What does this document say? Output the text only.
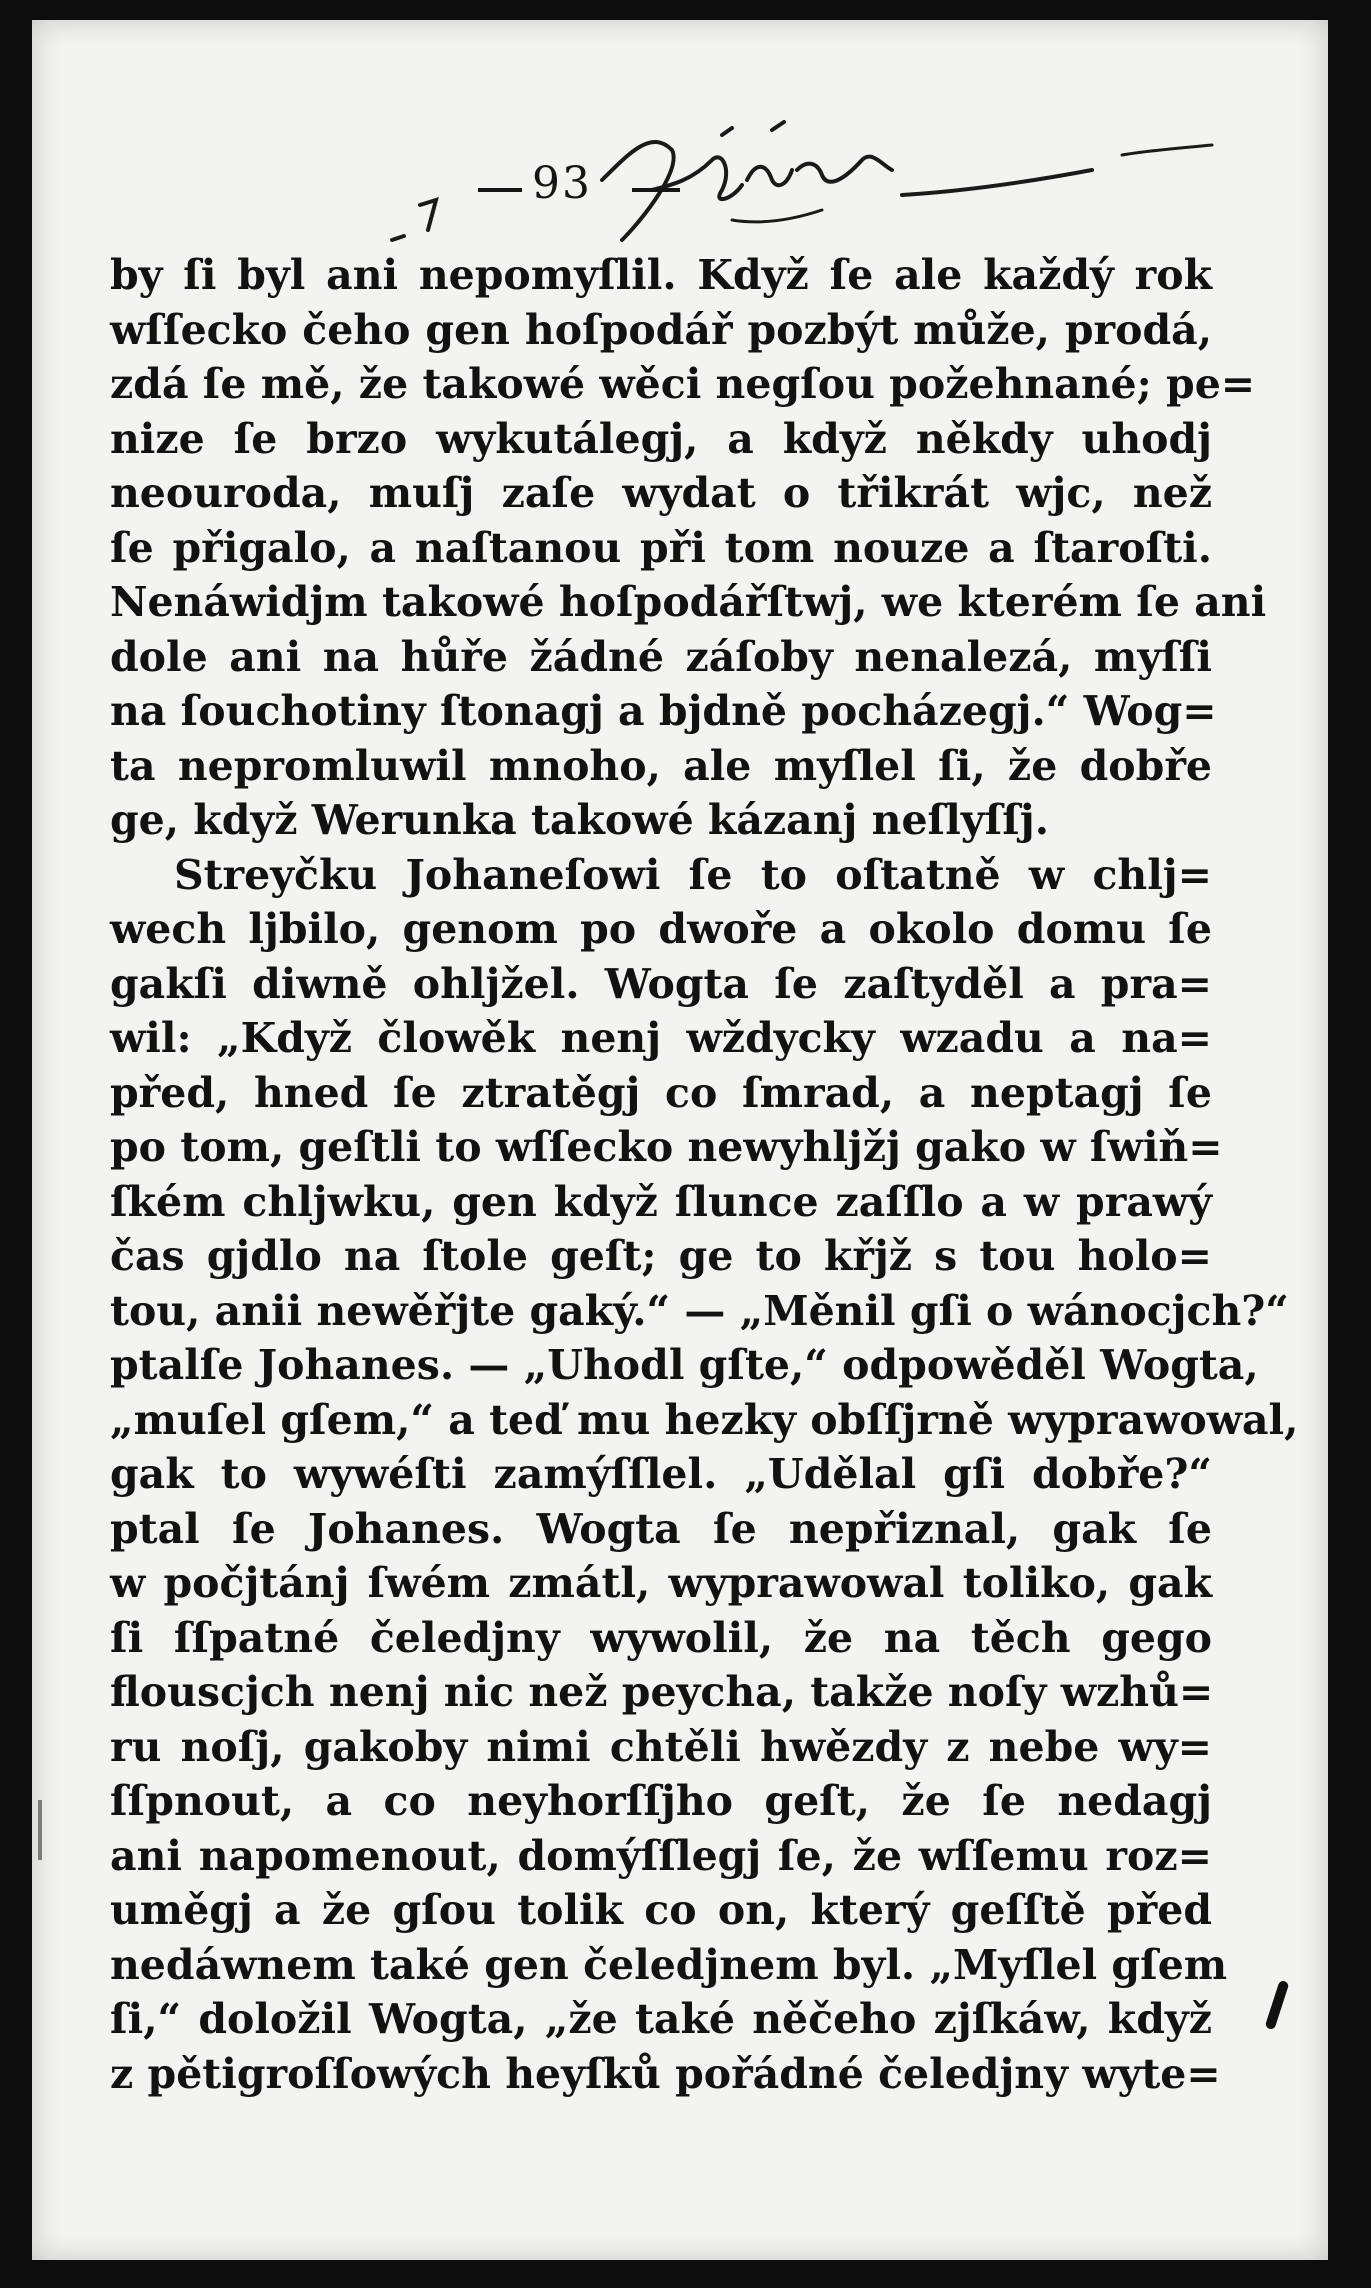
93
by ſi byl ani nepomyſlil. Když ſe ale každý rok
wſſecko čeho gen hoſpodář pozbýt může, prodá,
zdá ſe mě, že takowé wěci negſou požehnané; pe=
nize ſe brzo wykutálegj, a když někdy uhodj
neouroda, muſj zaſe wydat o třikrát wjc, než
ſe přigalo, a naſtanou při tom nouze a ſtaroſti.
Nenáwidjm takowé hoſpodářſtwj, we kterém ſe ani
dole ani na hůře žádné záſoby nenalezá, myſſi
na ſouchotiny ſtonagj a bjdně pocházegj.“ Wog=
ta nepromluwil mnoho, ale myſlel ſi, že dobře
ge, když Werunka takowé kázanj neſlyſſj.
Streyčku Johaneſowi ſe to oſtatně w chlj=
wech ljbilo, genom po dwoře a okolo domu ſe
gakſi diwně ohljžel. Wogta ſe zaſtyděl a pra=
wil: „Když člowěk nenj wždycky wzadu a na=
před, hned ſe ztratěgj co ſmrad, a neptagj ſe
po tom, geſtli to wſſecko newyhljžj gako w ſwiň=
ſkém chljwku, gen když ſlunce zaſſlo a w prawý
čas gjdlo na ſtole geſt; ge to křjž s tou holo=
tou, anii newěřjte gaký.“ — „Měnil gſi o wánocjch?“
ptalſe Johanes. — „Uhodl gſte,“ odpowěděl Wogta,
„muſel gſem,“ a teď mu hezky obſſjrně wyprawowal,
gak to wywéſti zamýſſlel. „Udělal gſi dobře?“
ptal ſe Johanes. Wogta ſe nepřiznal, gak ſe
w počjtánj ſwém zmátl, wyprawowal toliko, gak
ſi ſſpatné čeledjny wywolil, že na těch gego
flouscjch nenj nic než peycha, takže noſy wzhů=
ru noſj, gakoby nimi chtěli hwězdy z nebe wy=
ſſpnout, a co neyhorſſjho geſt, že ſe nedagj
ani napomenout, domýſſlegj ſe, že wſſemu roz=
uměgj a že gſou tolik co on, který geſſtě před
nedáwnem také gen čeledjnem byl. „Myſlel gſem
ſi,“ doložil Wogta, „že také něčeho zjſkáw, když
z pětigroſſowých heyſků pořádné čeledjny wyte=
